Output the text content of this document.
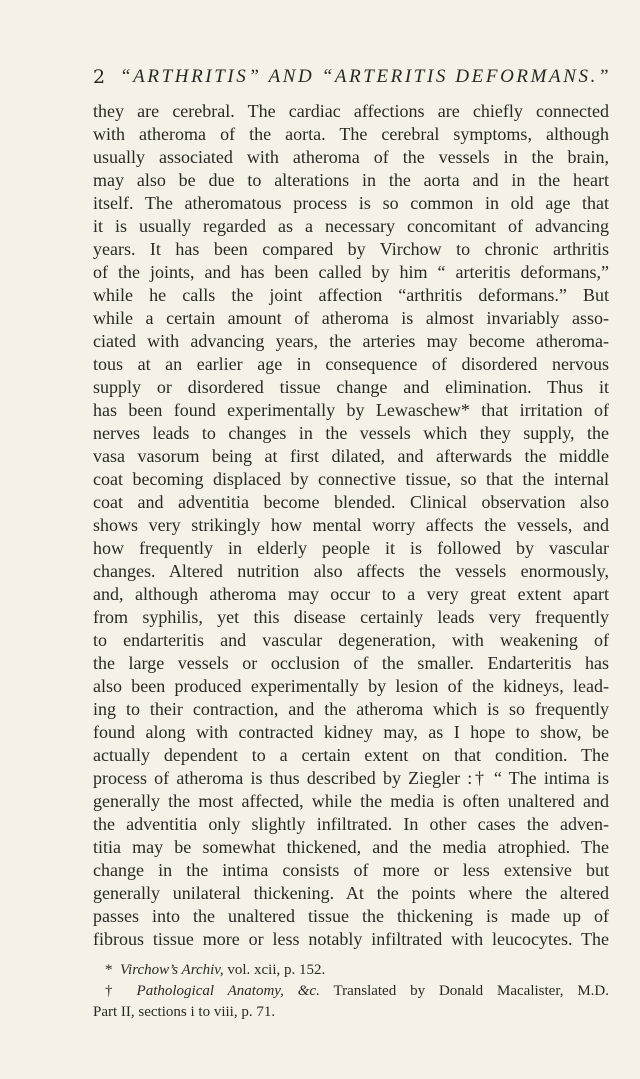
2 “ARTHRITIS” AND “ARTERITIS DEFORMANS.”
they are cerebral. The cardiac affections are chiefly connected
with atheroma of the aorta. The cerebral symptoms, although
usually associated with atheroma of the vessels in the brain,
may also be due to alterations in the aorta and in the heart
itself. The atheromatous process is so common in old age that
it is usually regarded as a necessary concomitant of advancing
years. It has been compared by Virchow to chronic arthritis
of the joints, and has been called by him “ arteritis deformans,”
while he calls the joint affection “arthritis deformans.” But
while a certain amount of atheroma is almost invariably asso-
ciated with advancing years, the arteries may become atheroma-
tous at an earlier age in consequence of disordered nervous
supply or disordered tissue change and elimination. Thus it
has been found experimentally by Lewaschew* that irritation of
nerves leads to changes in the vessels which they supply, the
vasa vasorum being at first dilated, and afterwards the middle
coat becoming displaced by connective tissue, so that the internal
coat and adventitia become blended. Clinical observation also
shows very strikingly how mental worry affects the vessels, and
how frequently in elderly people it is followed by vascular
changes. Altered nutrition also affects the vessels enormously,
and, although atheroma may occur to a very great extent apart
from syphilis, yet this disease certainly leads very frequently
to endarteritis and vascular degeneration, with weakening of
the large vessels or occlusion of the smaller. Endarteritis has
also been produced experimentally by lesion of the kidneys, lead-
ing to their contraction, and the atheroma which is so frequently
found along with contracted kidney may, as I hope to show, be
actually dependent to a certain extent on that condition. The
process of atheroma is thus described by Ziegler :† “ The intima is
generally the most affected, while the media is often unaltered and
the adventitia only slightly infiltrated. In other cases the adven-
titia may be somewhat thickened, and the media atrophied. The
change in the intima consists of more or less extensive but
generally unilateral thickening. At the points where the altered
passes into the unaltered tissue the thickening is made up of
fibrous tissue more or less notably infiltrated with leucocytes. The
* Virchow’s Archiv, vol. xcii, p. 152.
† Pathological Anatomy, &c. Translated by Donald Macalister, M.D.
Part II, sections i to viii, p. 71.
